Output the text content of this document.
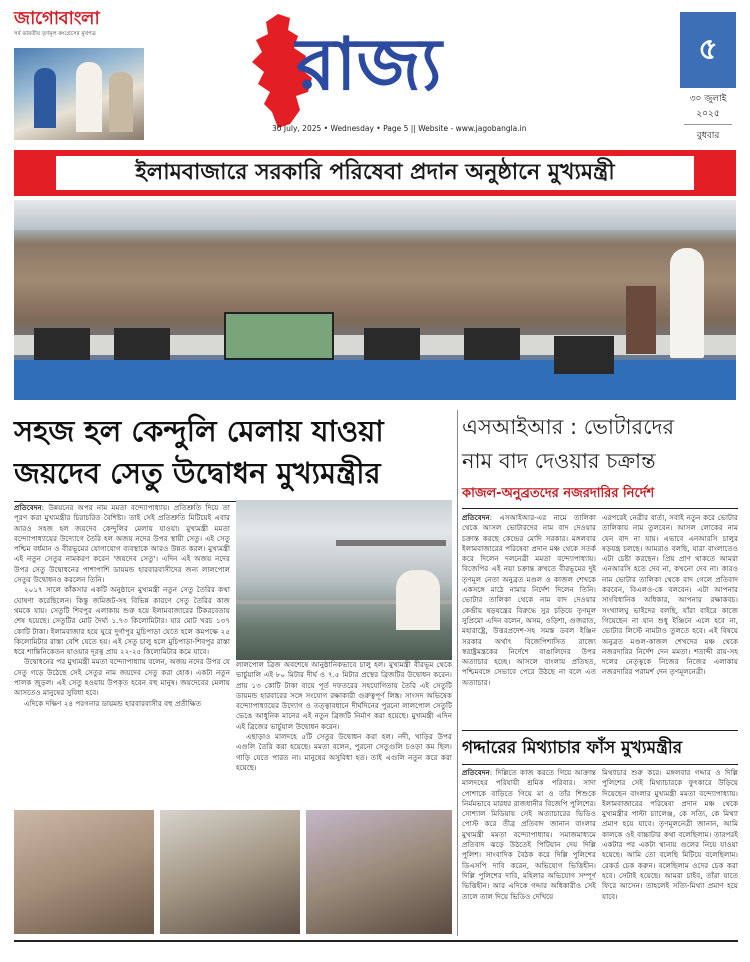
জাগোবাংলা
সর্ব ভারতীয় তৃণমূল কংগ্রেসের মুখপত্র	রাজ্য
30 July, 2025 • Wednesday • Page 5 || Website - www.jagobangla.in
৫
৩০ জুলাই ২০২৫
বুধবার
ইলামবাজারে সরকারি পরিষেবা প্রদান অনুষ্ঠানে মুখ্যমন্ত্রী
সহজ হল কেন্দুলি মেলায় যাওয়া
জয়দেব সেতু উদ্বোধন মুখ্যমন্ত্রীর
প্রতিবেদন: উন্নয়নের অপর নাম মমতা বন্দ্যোপাধ্যায়। প্রতিশ্রুতি দিয়ে তা পূরণ করা মুখ্যমন্ত্রীর চিরাচরিত বৈশিষ্ট্য। তাই সেই প্রতিশ্রুতি মিটিয়েই এবার আরও সহজ হল জয়দেব কেন্দুলির মেলায় যাওয়া। মুখ্যমন্ত্রী মমতা বন্দ্যোপাধ্যায়ের উদ্যোগে তৈরি হল অজয় নদের উপর স্থায়ী সেতু। এই সেতু পশ্চিম বর্ধমান ও বীরভূমের যোগাযোগ ব্যবস্থাকে আরও উন্নত করল। মুখ্যমন্ত্রী এই নতুন সেতুর নামকরণ করেন 'জয়দেব সেতু'। এদিন এই অজয় নদের উপর সেতু উদ্বোধনের পাশাপাশি ডায়মন্ড হারবারবাসীদের জন্য লালপোল সেতুর উদ্বোধনও করলেন তিনি।

২০১৭ সালে কাঁকসার একটি অনুষ্ঠানে মুখ্যমন্ত্রী নতুন সেতু তৈরির কথা ঘোষণা করেছিলেন। কিন্তু জমিজট-সহ বিভিন্ন কারণে সেতু তৈরির কাজ থমকে যায়। সেতুটি শিবপুর এলাকায় শুরু হয়ে ইলামবাজারের টিকরবেতায় শেষ হয়েছে। সেতুটির মোট দৈর্ঘ্য ১.৭৩ কিলোমিটার। যার মোট খরচ ১৩৭ কোটি টাকা। ইলামবাজার হয়ে ঘুরে দুর্গাপুর মুচিপাড়া যেতে হলে কমপক্ষে ২৫ কিলোমিটার রাস্তা বেশি যেতে হয়। এই সেতু চালু হলে মুচিপাড়া-শিবপুর রাস্তা ধরে শান্তিনিকেতন যাওয়ার দূরত্ব প্রায় ২২-২৫ কিলোমিটার কমে যাবে।
উদ্বোধনের পর মুখ্যমন্ত্রী মমতা বন্দ্যোপাধ্যায় বলেন, অজয় নদের উপর যে সেতু গড়ে উঠেছে সেই সেতুর নাম জয়দেব সেতু করা হোক। একটা নতুন পালক জুড়ল। এই সেতু হওয়ায় উপকৃত হবেন বহু মানুষ। জয়দেবের মেলায় আসতেও মানুষের সুবিধা হবে।
এদিকে দক্ষিণ ২৪ পরগনার ডায়মন্ড হারবারবাসীর বহু প্রতীক্ষিত
লালপোল ব্রিজ অবশেষে আনুষ্ঠানিকভাবে চালু হল। মুখ্যমন্ত্রী বীরভূম থেকে ভার্চুয়ালি এই ৮০ মিটার দীর্ঘ ও ৭.৫ মিটার প্রস্থের ব্রিজটির উদ্বোধন করেন। প্রায় ১৩ কোটি টাকা ব্যয়ে পূর্ত দফতরের সহযোগিতায় তৈরি এই সেতুটি ডায়মন্ড হারবারের সঙ্গে সংযোগ রক্ষাকারী গুরুত্বপূর্ণ লিঙ্ক। সাংসদ অভিষেক বন্দ্যোপাধ্যায়ের উদ্যোগ ও তত্ত্বাবধানে দীর্ঘদিনের পুরনো লালপোল সেতুটি ভেঙে আধুনিক মানের এই নতুন ব্রিজটি নির্মাণ করা হয়েছে। মুখ্যমন্ত্রী এদিন এই ব্রিজের ভার্চুয়াল উদ্বোধন করেন।
এছাড়াও মালদহে ৫টি সেতুর উদ্বোধন করা হল। নদী, খাড়ির উপর এগুলি তৈরি করা হয়েছে। মমতা বলেন, পুরনো সেতুগুলি চওড়া কম ছিল। গাড়ি যেতে পারত না। মানুষের অসুবিধা হত। তাই এগুলি নতুন করে করা হয়েছে।
এসআইআর : ভোটারদের
নাম বাদ দেওয়ার চক্রান্ত
কাজল-অনুব্রতদের নজরদারির নির্দেশ
প্রতিবেদন: এসআইআর-এর নামে তালিকা থেকে আসল ভোটারদের নাম বাদ দেওয়ার চক্রান্ত করছে কেন্দ্রের মোদি সরকার। মঙ্গলবার ইলামবাজারের পরিষেবা প্রদান মঞ্চ থেকে সতর্ক করে দিলেন দলনেত্রী মমতা বন্দ্যোপাধ্যায়। বিজেপির এই নয়া চক্রান্ত রুখতে বীরভূমের দুই তৃণমূল নেতা অনুব্রত মণ্ডল ও কাজল শেখকে একসঙ্গে মাঠে নামার নির্দেশ দিলেন তিনি। ভোটার তালিকা থেকে নাম বাদ দেওয়ার কেন্দ্রীয় ষড়যন্ত্রের বিরুদ্ধে সুর চড়িয়ে তৃণমূল সুপ্রিমো এদিন বলেন, অসম, ওড়িশা, গুজরাত, মহারাষ্ট্রে, উত্তরপ্রদেশ-সহ সমস্ত ডবল ইঞ্জিন সরকার অর্থাৎ বিজেপিশাসিত রাজ্যে স্বরাষ্ট্রমন্ত্রকের নির্দেশে বাঙালিদের উপর অত্যাচার হচ্ছে। আসলে বাংলায় প্রতিহত, পশ্চিমবঙ্গে সেভাবে পেরে উঠছে না বলে এত অত্যাচার।
এরপরেই নেত্রীর বার্তা, সবাই নতুন করে ভোটার তালিকায় নাম তুলবেন। আসল লোকের নাম যেন বাদ না যায়। এভাবে এনআরসি চালুর ষড়যন্ত্র চলছে। আমরাও বলছি, যারা বাংলাতেও এটা চেষ্টা করছেন। প্রিয় প্রাণ থাকতে আমরা এনআরসি হতে দেব না, কখনো দেব না। কারও নাম ভোটার তালিকা থেকে বাদ গেলে প্রতিবাদ করবেন, বিএলও-কে বলবেন। এটা আপনার সাংবিধানিক অধিকার, আপনার রক্ষাকবচ। সংখ্যালঘু ভাইদের বলছি, যাঁরা বাইরে কাজে গিয়েছেন না যান শুধু ইঞ্জিনে এলে হবে না, ভোটার লিস্টে নামটাও তুলতে হবে। এই বিষয়ে অনুব্রত মণ্ডল-কাজল শেখদের মঞ্চ থেকে নজরদারির নির্দেশ দেন মমতা। শতাব্দী রায়-সহ দলের নেতৃত্বকে নিজের নিজের এলাকায় নজরদারির পরামর্শ দেন তৃণমূলনেত্রী।
গদ্দারের মিথ্যাচার ফাঁস মুখ্যমন্ত্রীর
প্রতিবেদন: দিল্লিতে কাজ করতে গিয়ে আক্রান্ত মালদহের পরিযায়ী শ্রমিক পরিবার। সাদা পোশাকে বাড়িতে গিয়ে মা ও তাঁর শিশুকে নির্মমভাবে মারধর রাজধানীর বিজেপি পুলিশের। সোশ্যাল মিডিয়ায় সেই অত্যাচারের ভিডিও পোস্ট করে তীব্র প্রতিবাদ জানান বাংলার মুখ্যমন্ত্রী মমতা বন্দ্যোপাধ্যায়। সমাজমাধ্যমে প্রতিবাদ ঝড়ে উঠতেই পিটিয়ান দেয় দিল্লি পুলিশ। সাংবাদিক বৈঠক করে দিল্লি পুলিশের ডিএসপি দাবি করেন, অভিযোগ ভিত্তিহীন। দিল্লি পুলিশের দাবি, মহিলার অভিযোগ সম্পূর্ণ ভিত্তিহীন। আর এদিকে গদ্দার অধিকারীও সেই তালে তাল দিয়ে ভিডিও দেখিয়ে
মিথ্যাচার শুরু করে। মঙ্গলবার গদ্দার ও দিল্লি পুলিশের সেই মিথ্যাচারকে ফুৎকারে উড়িয়ে দিয়েছেন বাংলার মুখ্যমন্ত্রী মমতা বন্দ্যোপাধ্যায়। ইলামবাজারের পরিষেবা প্রদান মঞ্চ থেকে মুখ্যমন্ত্রীর পাল্টা চ্যালেঞ্জ, কে সত্যি, কে মিথ্যা প্রমাণ হয়ে যাবে। তৃণমূলনেত্রী জানান, আমি কালকে ওই বাচ্চাটার কথা বলেছিলাম। তারপরই একটার পর একটা থানায় গুলের নিয়ে যাওয়া হয়েছে। আমি তো বলেছি মিটিয়ে বলেছিলাম। রেকর্ড চেক করুন। বলেছিলাম ওদের চেক করা হবে। সেটাই হয়েছে। আমরা চাইব, তাঁরা যাতে ফিরে আসেন। তাহলেই সত্যি-মিথ্যা প্রমাণ হয়ে যাবে।
